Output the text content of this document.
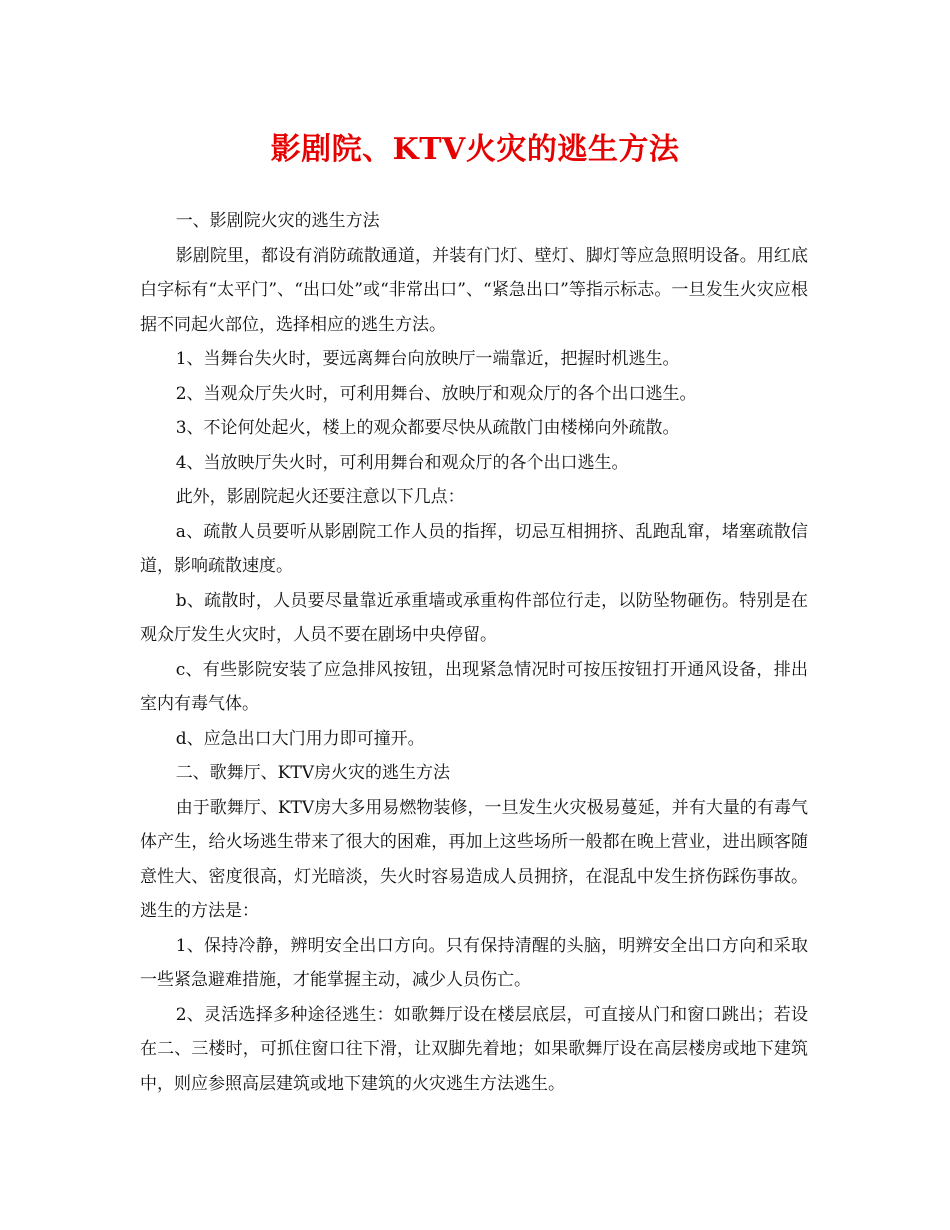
影剧院、KTV火灾的逃生方法

一、影剧院火灾的逃生方法

影剧院里，都设有消防疏散通道，并装有门灯、壁灯、脚灯等应急照明设备。用红底白字标有“太平门”、“出口处”或“非常出口”、“紧急出口”等指示标志。一旦发生火灾应根据不同起火部位，选择相应的逃生方法。

1、当舞台失火时，要远离舞台向放映厅一端靠近，把握时机逃生。

2、当观众厅失火时，可利用舞台、放映厅和观众厅的各个出口逃生。

3、不论何处起火，楼上的观众都要尽快从疏散门由楼梯向外疏散。

4、当放映厅失火时，可利用舞台和观众厅的各个出口逃生。

此外，影剧院起火还要注意以下几点：

a、疏散人员要听从影剧院工作人员的指挥，切忌互相拥挤、乱跑乱窜，堵塞疏散信道，影响疏散速度。

b、疏散时，人员要尽量靠近承重墙或承重构件部位行走，以防坠物砸伤。特别是在观众厅发生火灾时，人员不要在剧场中央停留。

c、有些影院安装了应急排风按钮，出现紧急情况时可按压按钮打开通风设备，排出室内有毒气体。

d、应急出口大门用力即可撞开。

二、歌舞厅、KTV房火灾的逃生方法

由于歌舞厅、KTV房大多用易燃物装修，一旦发生火灾极易蔓延，并有大量的有毒气体产生，给火场逃生带来了很大的困难，再加上这些场所一般都在晚上营业，进出顾客随意性大、密度很高，灯光暗淡，失火时容易造成人员拥挤，在混乱中发生挤伤踩伤事故。逃生的方法是：

1、保持冷静，辨明安全出口方向。只有保持清醒的头脑，明辨安全出口方向和采取一些紧急避难措施，才能掌握主动，减少人员伤亡。

2、灵活选择多种途径逃生：如歌舞厅设在楼层底层，可直接从门和窗口跳出；若设在二、三楼时，可抓住窗口往下滑，让双脚先着地；如果歌舞厅设在高层楼房或地下建筑中，则应参照高层建筑或地下建筑的火灾逃生方法逃生。
